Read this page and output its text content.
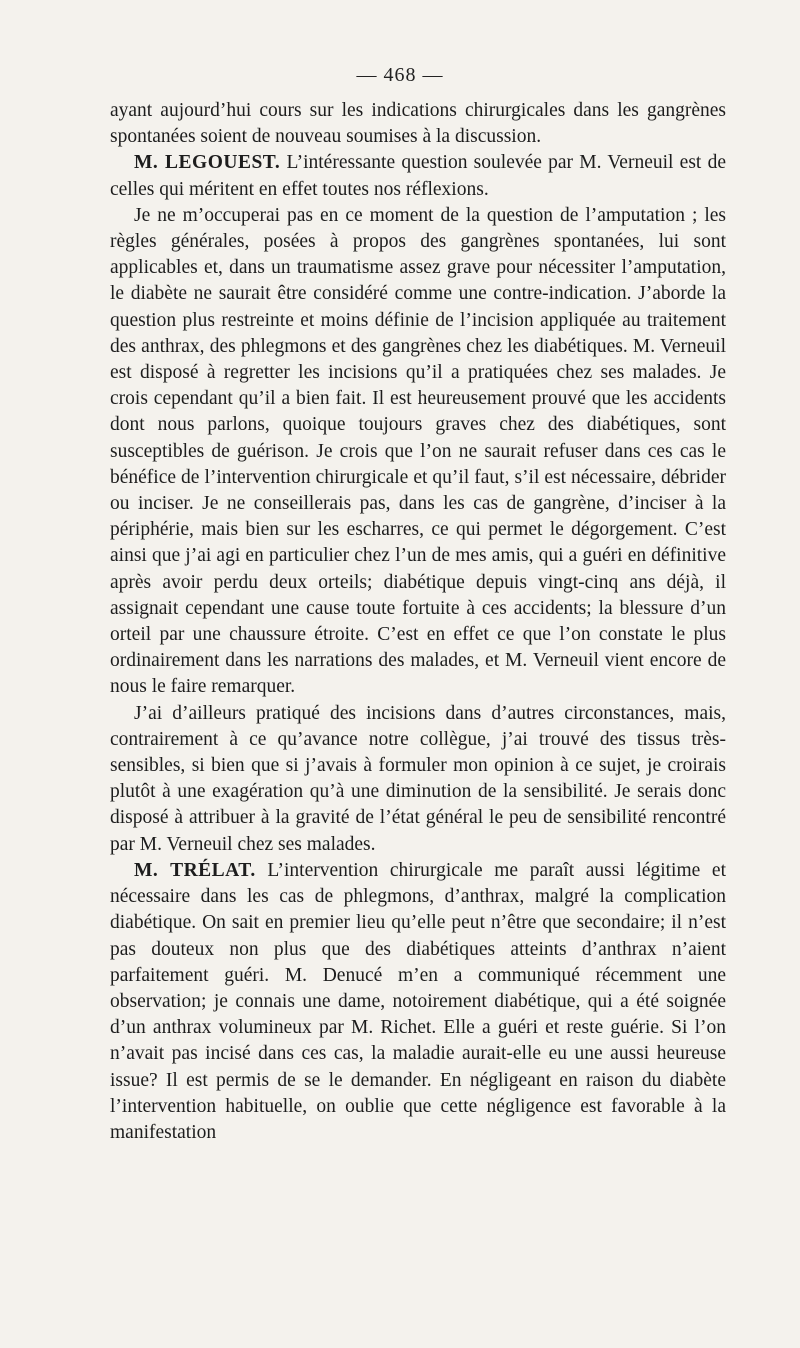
— 468 —

ayant aujourd’hui cours sur les indications chirurgicales dans les gangrènes spontanées soient de nouveau soumises à la discussion.

M. LEGOUEST. L’intéressante question soulevée par M. Verneuil est de celles qui méritent en effet toutes nos réflexions.

Je ne m’occuperai pas en ce moment de la question de l’amputation ; les règles générales, posées à propos des gangrènes spontanées, lui sont applicables et, dans un traumatisme assez grave pour nécessiter l’amputation, le diabète ne saurait être considéré comme une contre-indication. J’aborde la question plus restreinte et moins définie de l’incision appliquée au traitement des anthrax, des phlegmons et des gangrènes chez les diabétiques. M. Verneuil est disposé à regretter les incisions qu’il a pratiquées chez ses malades. Je crois cependant qu’il a bien fait. Il est heureusement prouvé que les accidents dont nous parlons, quoique toujours graves chez des diabétiques, sont susceptibles de guérison. Je crois que l’on ne saurait refuser dans ces cas le bénéfice de l’intervention chirurgicale et qu’il faut, s’il est nécessaire, débrider ou inciser. Je ne conseillerais pas, dans les cas de gangrène, d’inciser à la périphérie, mais bien sur les escharres, ce qui permet le dégorgement. C’est ainsi que j’ai agi en particulier chez l’un de mes amis, qui a guéri en définitive après avoir perdu deux orteils; diabétique depuis vingt-cinq ans déjà, il assignait cependant une cause toute fortuite à ces accidents; la blessure d’un orteil par une chaussure étroite. C’est en effet ce que l’on constate le plus ordinairement dans les narrations des malades, et M. Verneuil vient encore de nous le faire remarquer.

J’ai d’ailleurs pratiqué des incisions dans d’autres circonstances, mais, contrairement à ce qu’avance notre collègue, j’ai trouvé des tissus très-sensibles, si bien que si j’avais à formuler mon opinion à ce sujet, je croirais plutôt à une exagération qu’à une diminution de la sensibilité. Je serais donc disposé à attribuer à la gravité de l’état général le peu de sensibilité rencontré par M. Verneuil chez ses malades.

M. TRÉLAT. L’intervention chirurgicale me paraît aussi légitime et nécessaire dans les cas de phlegmons, d’anthrax, malgré la complication diabétique. On sait en premier lieu qu’elle peut n’être que secondaire; il n’est pas douteux non plus que des diabétiques atteints d’anthrax n’aient parfaitement guéri. M. Denucé m’en a communiqué récemment une observation; je connais une dame, notoirement diabétique, qui a été soignée d’un anthrax volumineux par M. Richet. Elle a guéri et reste guérie. Si l’on n’avait pas incisé dans ces cas, la maladie aurait-elle eu une aussi heureuse issue? Il est permis de se le demander. En négligeant en raison du diabète l’intervention habituelle, on oublie que cette négligence est favorable à la manifestation
